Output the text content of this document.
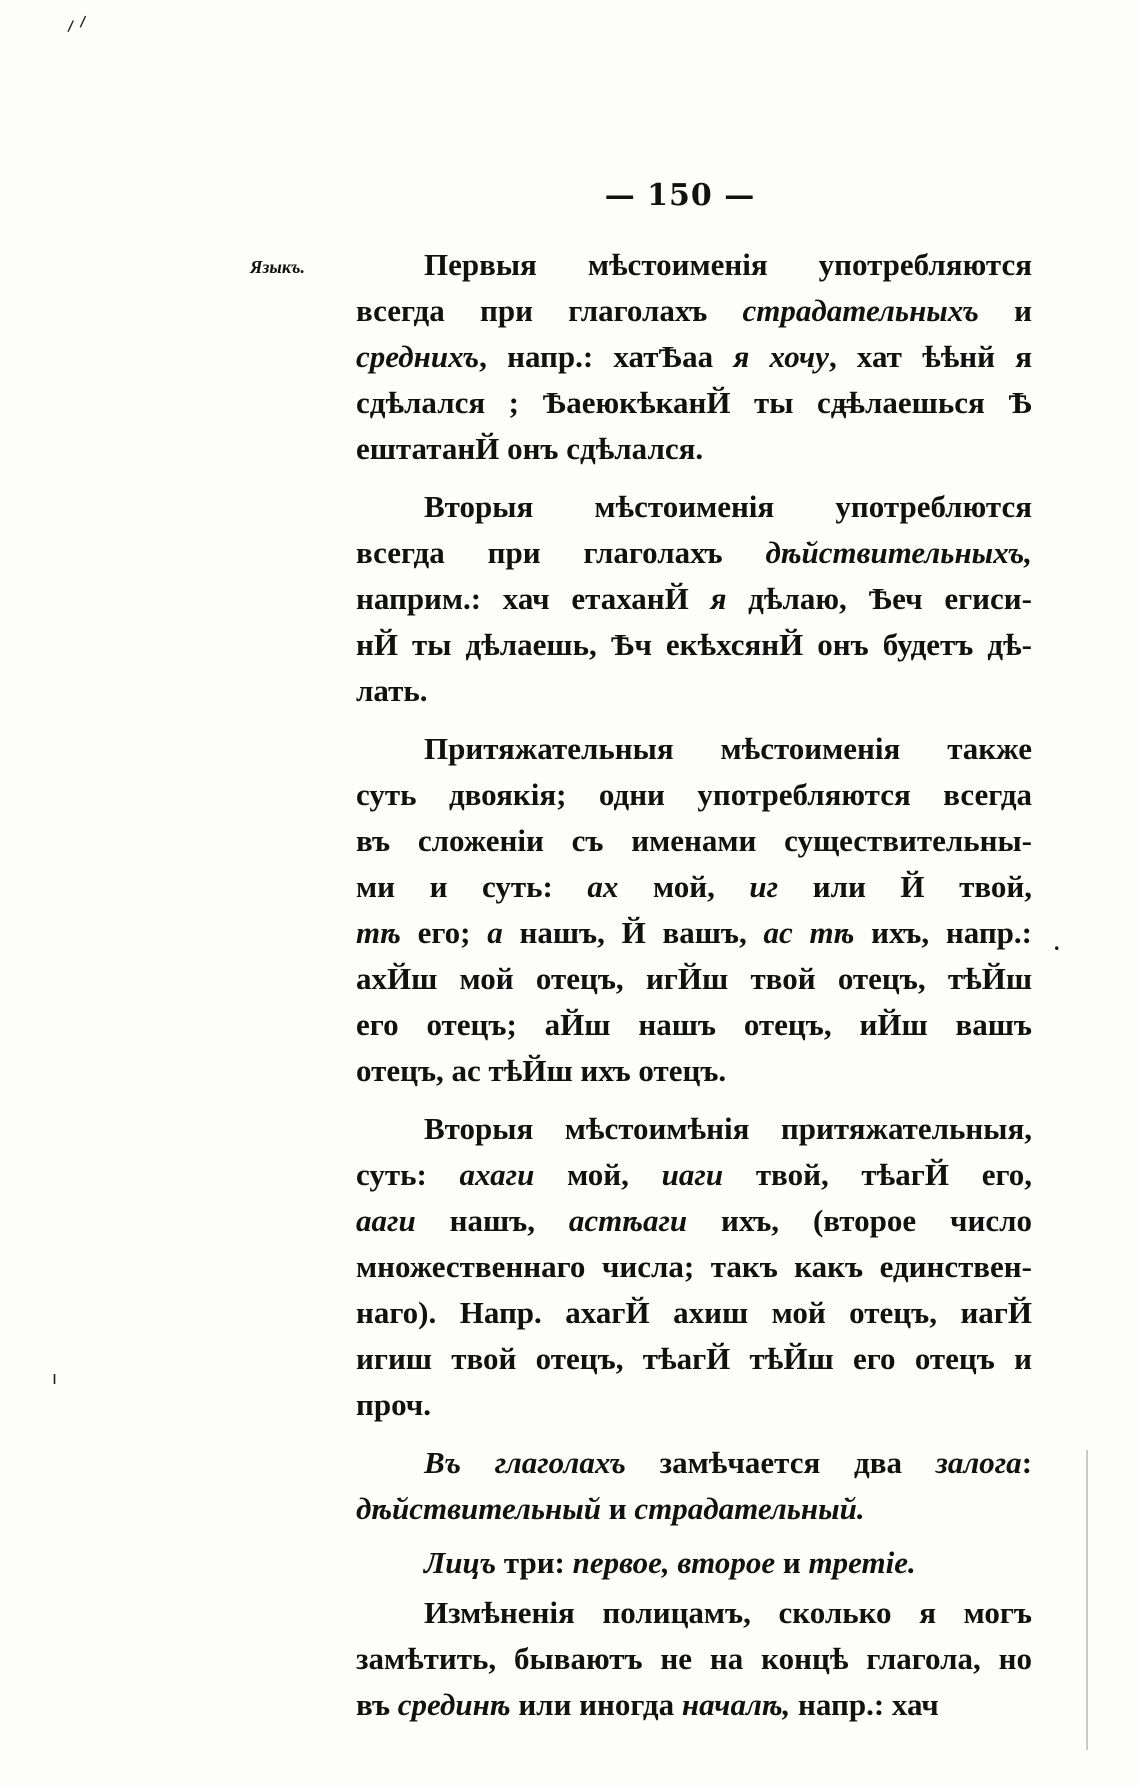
⸝⸝
— 150 —
Языкъ.	Первыя мѣстоименія употребляются
всегда при глаголахъ страдательныхъ и
среднихъ, напр.: хатѢаа я хочу, хат ѣѣнй я
сдѣлался ; ѢаеюкѣканЙ ты сдѣлаешься Ѣ
ештатанЙ онъ сдѣлался.
Вторыя мѣстоименія употреблются
всегда при глаголахъ дѣйствительныхъ,
наприм.: хач етаханЙ я дѣлаю, Ѣеч егиси-
нЙ ты дѣлаешь, Ѣч екѣхсянЙ онъ будетъ дѣ-
лать.
Притяжательныя мѣстоименія также
суть двоякія; одни употребляются всегда
въ сложеніи съ именами существительны-
ми и суть: ах мой, иг или Й твой,
тѣ его; а нашъ, Й вашъ, ас тѣ ихъ, напр.:
ахЙш мой отецъ, игЙш твой отецъ, тѣЙш
его отецъ; аЙш нашъ отецъ, иЙш вашъ
отецъ, ас тѣЙш ихъ отецъ.
Вторыя мѣстоимѣнія притяжательныя,
суть: ахаги мой, иаги твой, тѣагЙ его,
ааги нашъ, астѣаги ихъ, (второе число
множественнаго числа; такъ какъ единствен-
наго). Напр. ахагЙ ахиш мой отецъ, иагЙ
игиш твой отецъ, тѣагЙ тѣЙш его отецъ и
проч.
Въ глаголахъ замѣчается два залога:
дѣйствительный и страдательный.
Лицъ три: первое, второе и третіе.
Измѣненія полицамъ, сколько я могъ
замѣтить, бываютъ не на концѣ глагола, но
въ срединѣ или иногда началѣ, напр.: хач
.
ı
